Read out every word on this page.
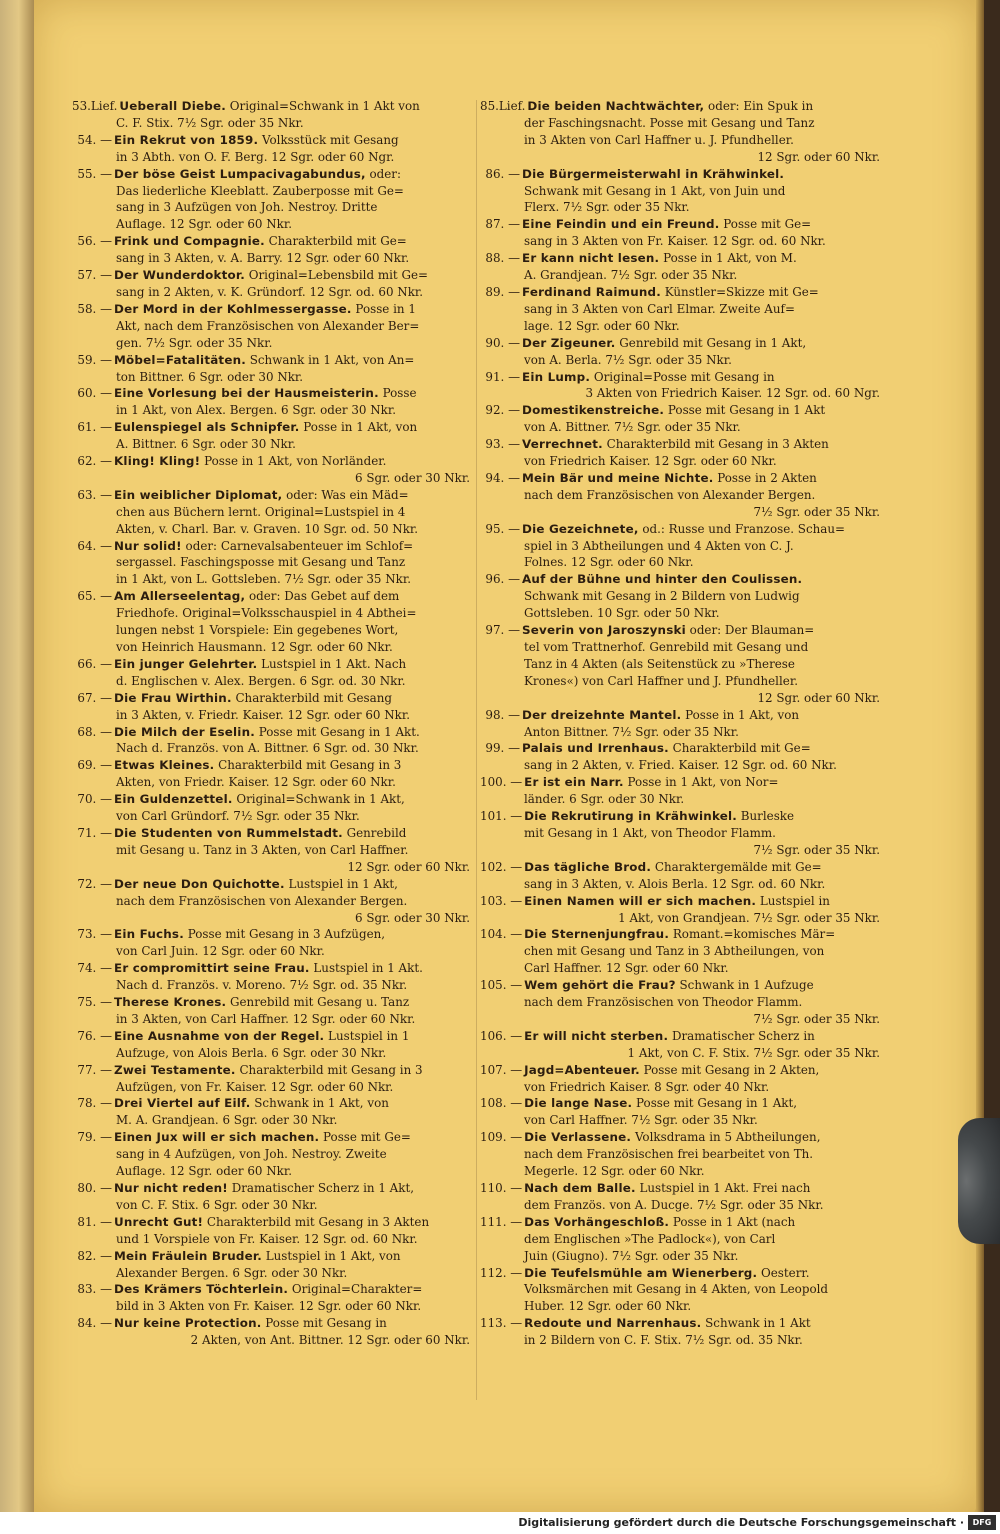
53.Lief. Ueberall Diebe. Original=Schwank in 1 Akt von
C. F. Stix. 7½ Sgr. oder 35 Nkr.
54. — Ein Rekrut von 1859. Volksstück mit Gesang
in 3 Abth. von O. F. Berg. 12 Sgr. oder 60 Ngr.
55. — Der böse Geist Lumpacivagabundus, oder:
Das liederliche Kleeblatt. Zauberposse mit Ge=
sang in 3 Aufzügen von Joh. Nestroy. Dritte
Auflage. 12 Sgr. oder 60 Nkr.
56. — Frink und Compagnie. Charakterbild mit Ge=
sang in 3 Akten, v. A. Barry. 12 Sgr. oder 60 Nkr.
57. — Der Wunderdoktor. Original=Lebensbild mit Ge=
sang in 2 Akten, v. K. Gründorf. 12 Sgr. od. 60 Nkr.
58. — Der Mord in der Kohlmessergasse. Posse in 1
Akt, nach dem Französischen von Alexander Ber=
gen. 7½ Sgr. oder 35 Nkr.
59. — Möbel=Fatalitäten. Schwank in 1 Akt, von An=
ton Bittner. 6 Sgr. oder 30 Nkr.
60. — Eine Vorlesung bei der Hausmeisterin. Posse
in 1 Akt, von Alex. Bergen. 6 Sgr. oder 30 Nkr.
61. — Eulenspiegel als Schnipfer. Posse in 1 Akt, von
A. Bittner. 6 Sgr. oder 30 Nkr.
62. — Kling! Kling! Posse in 1 Akt, von Norländer.
6 Sgr. oder 30 Nkr.
63. — Ein weiblicher Diplomat, oder: Was ein Mäd=
chen aus Büchern lernt. Original=Lustspiel in 4
Akten, v. Charl. Bar. v. Graven. 10 Sgr. od. 50 Nkr.
64. — Nur solid! oder: Carnevalsabenteuer im Schlof=
sergassel. Faschingsposse mit Gesang und Tanz
in 1 Akt, von L. Gottsleben. 7½ Sgr. oder 35 Nkr.
65. — Am Allerseelentag, oder: Das Gebet auf dem
Friedhofe. Original=Volksschauspiel in 4 Abthei=
lungen nebst 1 Vorspiele: Ein gegebenes Wort,
von Heinrich Hausmann. 12 Sgr. oder 60 Nkr.
66. — Ein junger Gelehrter. Lustspiel in 1 Akt. Nach
d. Englischen v. Alex. Bergen. 6 Sgr. od. 30 Nkr.
67. — Die Frau Wirthin. Charakterbild mit Gesang
in 3 Akten, v. Friedr. Kaiser. 12 Sgr. oder 60 Nkr.
68. — Die Milch der Eselin. Posse mit Gesang in 1 Akt.
Nach d. Französ. von A. Bittner. 6 Sgr. od. 30 Nkr.
69. — Etwas Kleines. Charakterbild mit Gesang in 3
Akten, von Friedr. Kaiser. 12 Sgr. oder 60 Nkr.
70. — Ein Guldenzettel. Original=Schwank in 1 Akt,
von Carl Gründorf. 7½ Sgr. oder 35 Nkr.
71. — Die Studenten von Rummelstadt. Genrebild
mit Gesang u. Tanz in 3 Akten, von Carl Haffner.
12 Sgr. oder 60 Nkr.
72. — Der neue Don Quichotte. Lustspiel in 1 Akt,
nach dem Französischen von Alexander Bergen.
6 Sgr. oder 30 Nkr.
73. — Ein Fuchs. Posse mit Gesang in 3 Aufzügen,
von Carl Juin. 12 Sgr. oder 60 Nkr.
74. — Er compromittirt seine Frau. Lustspiel in 1 Akt.
Nach d. Französ. v. Moreno. 7½ Sgr. od. 35 Nkr.
75. — Therese Krones. Genrebild mit Gesang u. Tanz
in 3 Akten, von Carl Haffner. 12 Sgr. oder 60 Nkr.
76. — Eine Ausnahme von der Regel. Lustspiel in 1
Aufzuge, von Alois Berla. 6 Sgr. oder 30 Nkr.
77. — Zwei Testamente. Charakterbild mit Gesang in 3
Aufzügen, von Fr. Kaiser. 12 Sgr. oder 60 Nkr.
78. — Drei Viertel auf Eilf. Schwank in 1 Akt, von
M. A. Grandjean. 6 Sgr. oder 30 Nkr.
79. — Einen Jux will er sich machen. Posse mit Ge=
sang in 4 Aufzügen, von Joh. Nestroy. Zweite
Auflage. 12 Sgr. oder 60 Nkr.
80. — Nur nicht reden! Dramatischer Scherz in 1 Akt,
von C. F. Stix. 6 Sgr. oder 30 Nkr.
81. — Unrecht Gut! Charakterbild mit Gesang in 3 Akten
und 1 Vorspiele von Fr. Kaiser. 12 Sgr. od. 60 Nkr.
82. — Mein Fräulein Bruder. Lustspiel in 1 Akt, von
Alexander Bergen. 6 Sgr. oder 30 Nkr.
83. — Des Krämers Töchterlein. Original=Charakter=
bild in 3 Akten von Fr. Kaiser. 12 Sgr. oder 60 Nkr.
84. — Nur keine Protection. Posse mit Gesang in
2 Akten, von Ant. Bittner. 12 Sgr. oder 60 Nkr.
85.Lief. Die beiden Nachtwächter, oder: Ein Spuk in
der Faschingsnacht. Posse mit Gesang und Tanz
in 3 Akten von Carl Haffner u. J. Pfundheller.
12 Sgr. oder 60 Nkr.
86. — Die Bürgermeisterwahl in Krähwinkel.
Schwank mit Gesang in 1 Akt, von Juin und
Flerx. 7½ Sgr. oder 35 Nkr.
87. — Eine Feindin und ein Freund. Posse mit Ge=
sang in 3 Akten von Fr. Kaiser. 12 Sgr. od. 60 Nkr.
88. — Er kann nicht lesen. Posse in 1 Akt, von M.
A. Grandjean. 7½ Sgr. oder 35 Nkr.
89. — Ferdinand Raimund. Künstler=Skizze mit Ge=
sang in 3 Akten von Carl Elmar. Zweite Auf=
lage. 12 Sgr. oder 60 Nkr.
90. — Der Zigeuner. Genrebild mit Gesang in 1 Akt,
von A. Berla. 7½ Sgr. oder 35 Nkr.
91. — Ein Lump. Original=Posse mit Gesang in
3 Akten von Friedrich Kaiser. 12 Sgr. od. 60 Ngr.
92. — Domestikenstreiche. Posse mit Gesang in 1 Akt
von A. Bittner. 7½ Sgr. oder 35 Nkr.
93. — Verrechnet. Charakterbild mit Gesang in 3 Akten
von Friedrich Kaiser. 12 Sgr. oder 60 Nkr.
94. — Mein Bär und meine Nichte. Posse in 2 Akten
nach dem Französischen von Alexander Bergen.
7½ Sgr. oder 35 Nkr.
95. — Die Gezeichnete, od.: Russe und Franzose. Schau=
spiel in 3 Abtheilungen und 4 Akten von C. J.
Folnes. 12 Sgr. oder 60 Nkr.
96. — Auf der Bühne und hinter den Coulissen.
Schwank mit Gesang in 2 Bildern von Ludwig
Gottsleben. 10 Sgr. oder 50 Nkr.
97. — Severin von Jaroszynski oder: Der Blauman=
tel vom Trattnerhof. Genrebild mit Gesang und
Tanz in 4 Akten (als Seitenstück zu »Therese
Krones«) von Carl Haffner und J. Pfundheller.
12 Sgr. oder 60 Nkr.
98. — Der dreizehnte Mantel. Posse in 1 Akt, von
Anton Bittner. 7½ Sgr. oder 35 Nkr.
99. — Palais und Irrenhaus. Charakterbild mit Ge=
sang in 2 Akten, v. Fried. Kaiser. 12 Sgr. od. 60 Nkr.
100. — Er ist ein Narr. Posse in 1 Akt, von Nor=
länder. 6 Sgr. oder 30 Nkr.
101. — Die Rekrutirung in Krähwinkel. Burleske
mit Gesang in 1 Akt, von Theodor Flamm.
7½ Sgr. oder 35 Nkr.
102. — Das tägliche Brod. Charaktergemälde mit Ge=
sang in 3 Akten, v. Alois Berla. 12 Sgr. od. 60 Nkr.
103. — Einen Namen will er sich machen. Lustspiel in
1 Akt, von Grandjean. 7½ Sgr. oder 35 Nkr.
104. — Die Sternenjungfrau. Romant.=komisches Mär=
chen mit Gesang und Tanz in 3 Abtheilungen, von
Carl Haffner. 12 Sgr. oder 60 Nkr.
105. — Wem gehört die Frau? Schwank in 1 Aufzuge
nach dem Französischen von Theodor Flamm.
7½ Sgr. oder 35 Nkr.
106. — Er will nicht sterben. Dramatischer Scherz in
1 Akt, von C. F. Stix. 7½ Sgr. oder 35 Nkr.
107. — Jagd=Abenteuer. Posse mit Gesang in 2 Akten,
von Friedrich Kaiser. 8 Sgr. oder 40 Nkr.
108. — Die lange Nase. Posse mit Gesang in 1 Akt,
von Carl Haffner. 7½ Sgr. oder 35 Nkr.
109. — Die Verlassene. Volksdrama in 5 Abtheilungen,
nach dem Französischen frei bearbeitet von Th.
Megerle. 12 Sgr. oder 60 Nkr.
110. — Nach dem Balle. Lustspiel in 1 Akt. Frei nach
dem Französ. von A. Ducge. 7½ Sgr. oder 35 Nkr.
111. — Das Vorhängeschloß. Posse in 1 Akt (nach
dem Englischen »The Padlock«), von Carl
Juin (Giugno). 7½ Sgr. oder 35 Nkr.
112. — Die Teufelsmühle am Wienerberg. Oesterr.
Volksmärchen mit Gesang in 4 Akten, von Leopold
Huber. 12 Sgr. oder 60 Nkr.
113. — Redoute und Narrenhaus. Schwank in 1 Akt
in 2 Bildern von C. F. Stix. 7½ Sgr. od. 35 Nkr.
Digitalisierung gefördert durch die Deutsche Forschungsgemeinschaft ·	DFG
